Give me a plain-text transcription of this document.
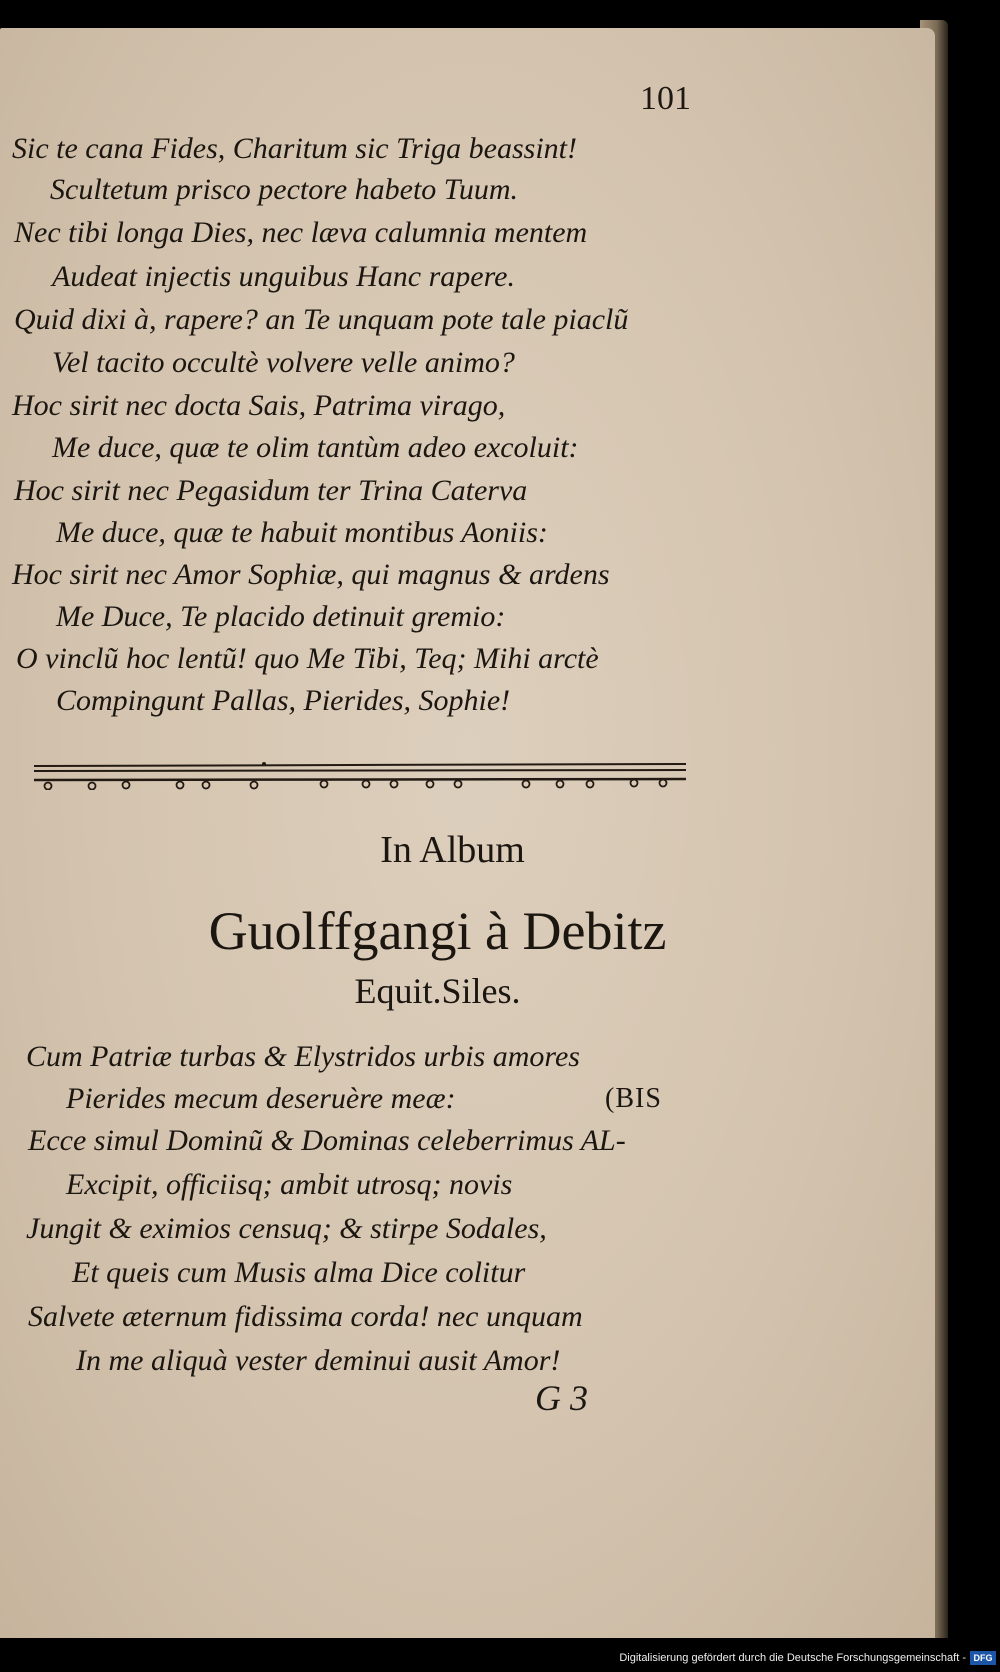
101
Sic te cana Fides, Charitum sic Triga beassint!
Scultetum prisco pectore habeto Tuum.
Nec tibi longa Dies, nec læva calumnia mentem
Audeat injectis unguibus Hanc rapere.
Quid dixi à, rapere? an Te unquam pote tale piaclũ
Vel tacito occultè volvere velle animo?
Hoc sirit nec docta Sais, Patrima virago,
Me duce, quæ te olim tantùm adeo excoluit:
Hoc sirit nec Pegasidum ter Trina Caterva
Me duce, quæ te habuit montibus Aoniis:
Hoc sirit nec Amor Sophiæ, qui magnus & ardens
Me Duce, Te placido detinuit gremio:
O vinclũ hoc lentũ! quo Me Tibi, Teq; Mihi arctè
Compingunt Pallas, Pierides, Sophie!
In Album
Guolffgangi à Debitz
Equit.Siles.
Cum Patriæ turbas & Elystridos urbis amores
Pierides mecum deseruère meæ:
Ecce simul Dominũ & Dominas celeberrimus AL-
Excipit, officiisq; ambit utrosq; novis
Jungit & eximios censuq; & stirpe Sodales,
Et queis cum Musis alma Dice colitur
Salvete æternum fidissima corda! nec unquam
In me aliquà vester deminui ausit Amor!
(BIS
G 3
Digitalisierung gefördert durch die Deutsche Forschungsgemeinschaft - DFG
